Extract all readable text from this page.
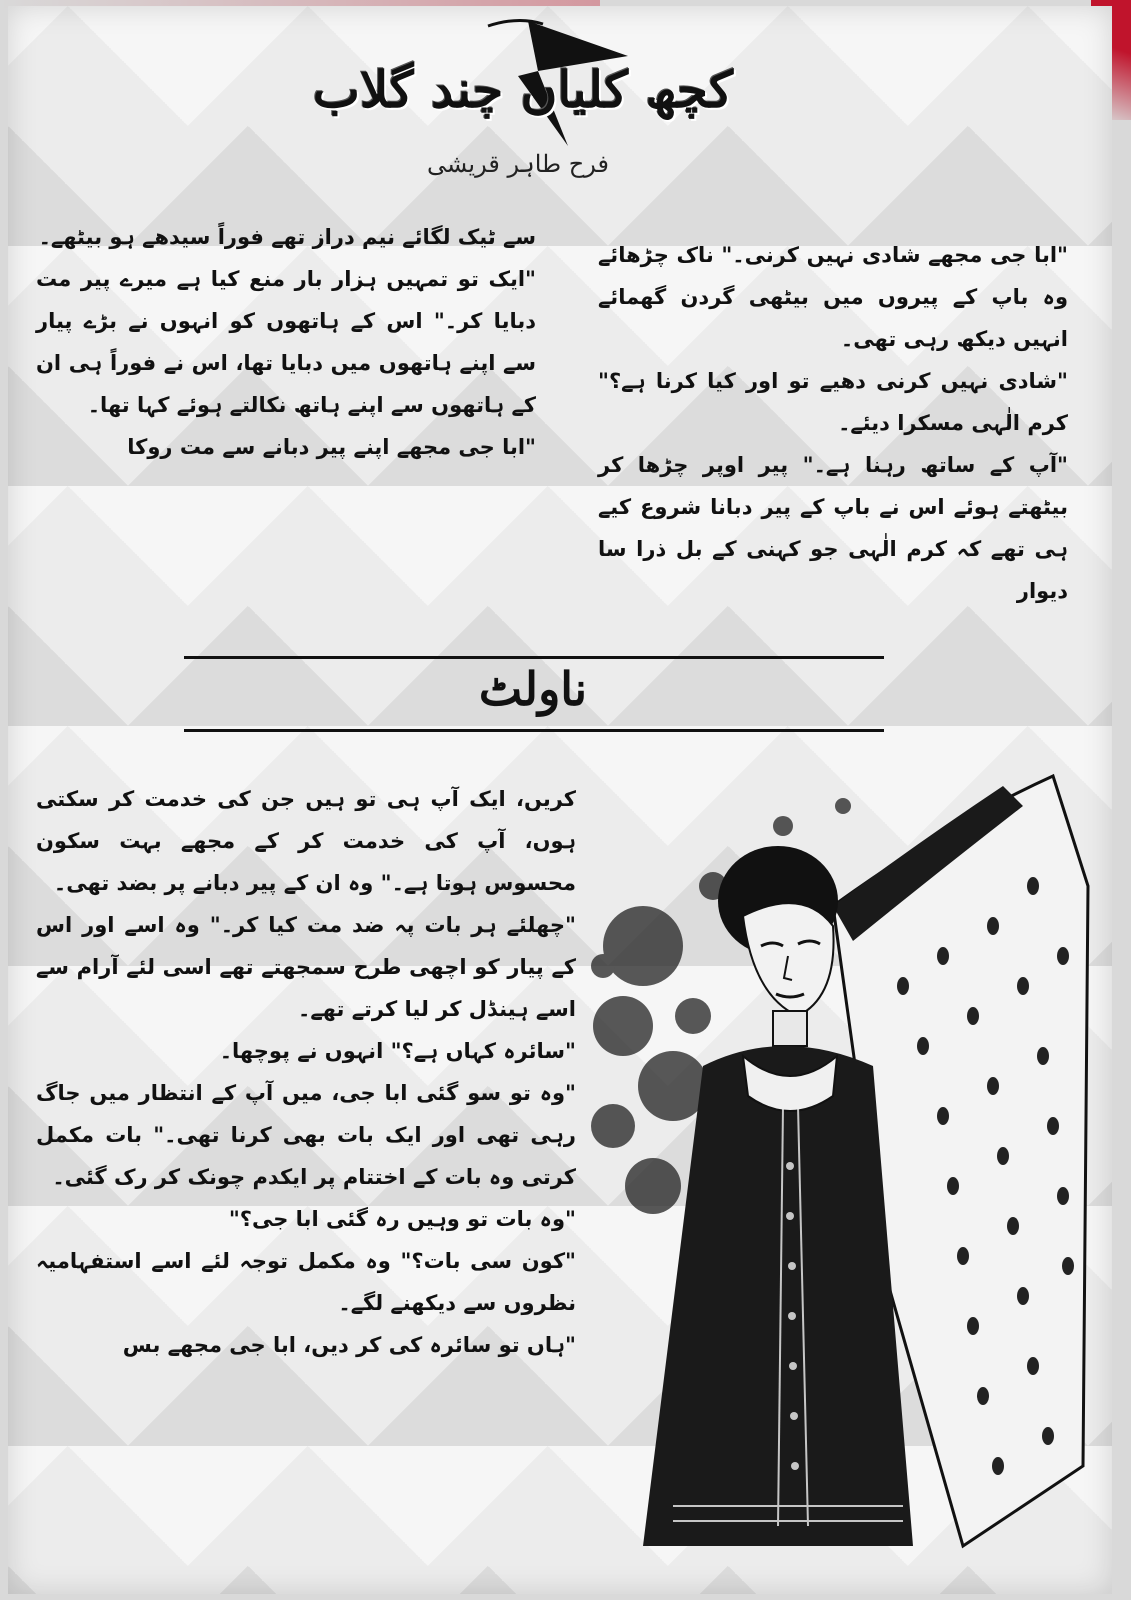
کچھ کلیاں چند گلاب
فرح طاہر قریشی

"ابا جی مجھے شادی نہیں کرنی۔" ناک چڑھائے وہ باپ کے پیروں میں بیٹھی گردن گھمائے انہیں دیکھ رہی تھی۔

"شادی نہیں کرنی دھیے تو اور کیا کرنا ہے؟" کرم الٰہی مسکرا دیئے۔

"آپ کے ساتھ رہنا ہے۔" پیر اوپر چڑھا کر بیٹھتے ہوئے اس نے باپ کے پیر دبانا شروع کیے ہی تھے کہ کرم الٰہی جو کہنی کے بل ذرا سا دیوار

سے ٹیک لگائے نیم دراز تھے فوراً سیدھے ہو بیٹھے۔

"ایک تو تمہیں ہزار بار منع کیا ہے میرے پیر مت دبایا کر۔" اس کے ہاتھوں کو انہوں نے بڑے پیار سے اپنے ہاتھوں میں دبایا تھا، اس نے فوراً ہی ان کے ہاتھوں سے اپنے ہاتھ نکالتے ہوئے کہا تھا۔

"ابا جی مجھے اپنے پیر دبانے سے مت روکا

ناولٹ

کریں، ایک آپ ہی تو ہیں جن کی خدمت کر سکتی ہوں، آپ کی خدمت کر کے مجھے بہت سکون محسوس ہوتا ہے۔" وہ ان کے پیر دبانے پر بضد تھی۔

"چھلئے ہر بات پہ ضد مت کیا کر۔" وہ اسے اور اس کے پیار کو اچھی طرح سمجھتے تھے اسی لئے آرام سے اسے ہینڈل کر لیا کرتے تھے۔

"سائرہ کہاں ہے؟" انہوں نے پوچھا۔

"وہ تو سو گئی ابا جی، میں آپ کے انتظار میں جاگ رہی تھی اور ایک بات بھی کرنا تھی۔" بات مکمل کرتی وہ بات کے اختتام پر ایکدم چونک کر رک گئی۔

"وہ بات تو وہیں رہ گئی ابا جی؟"

"کون سی بات؟" وہ مکمل توجہ لئے اسے استفہامیہ نظروں سے دیکھنے لگے۔

"ہاں تو سائرہ کی کر دیں، ابا جی مجھے بس
